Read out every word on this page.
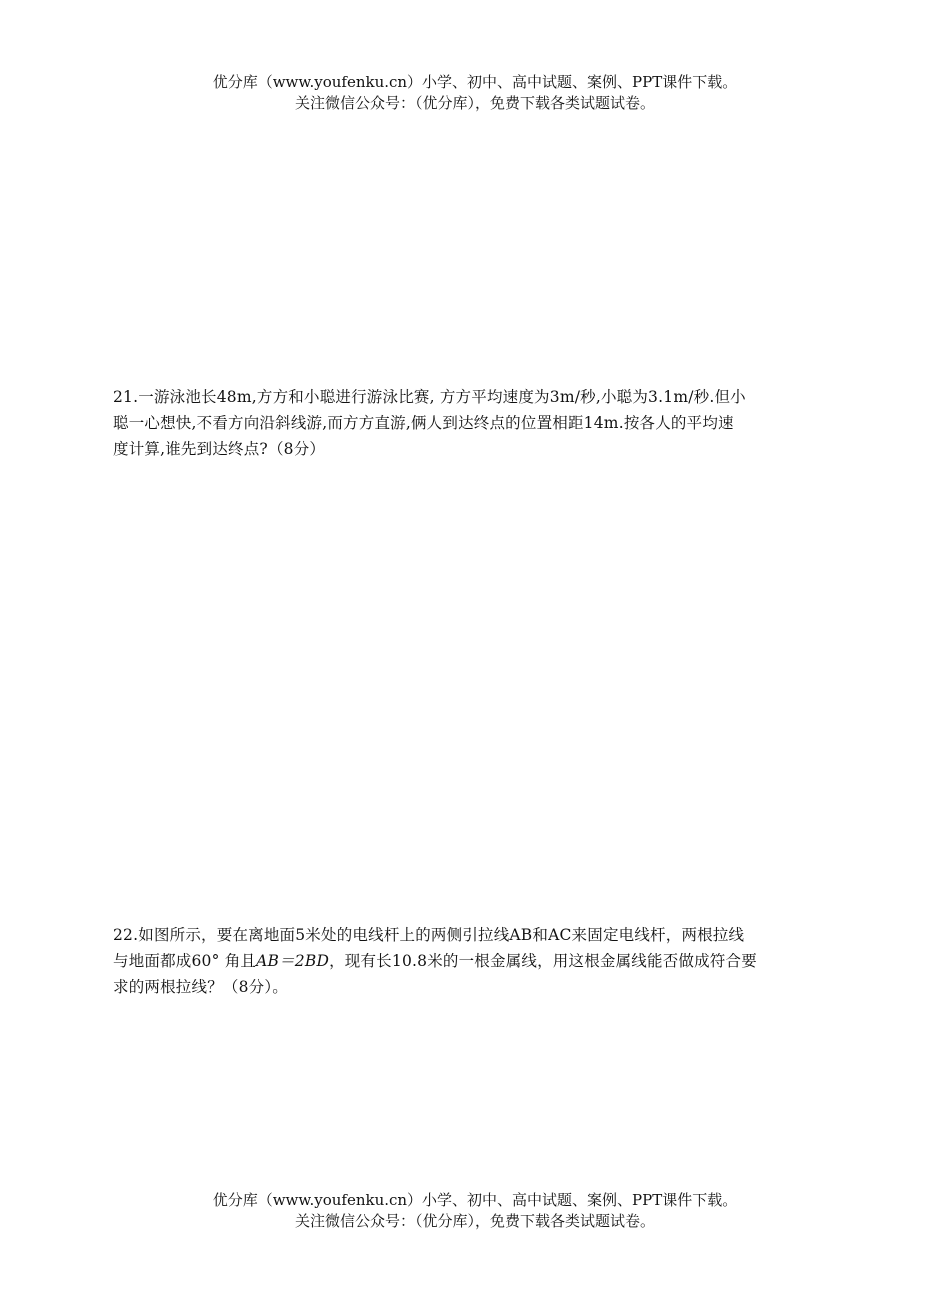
优分库（www.youfenku.cn）小学、初中、高中试题、案例、PPT课件下载。
关注微信公众号：（优分库），免费下载各类试题试卷。
21.一游泳池长48m,方方和小聪进行游泳比赛, 方方平均速度为3m/秒,小聪为3.1m/秒.但小
聪一心想快,不看方向沿斜线游,而方方直游,俩人到达终点的位置相距14m.按各人的平均速
度计算,谁先到达终点?（8分）
22.如图所示，要在离地面5米处的电线杆上的两侧引拉线AB和AC来固定电线杆，两根拉线
与地面都成60° 角且AB＝2BD，现有长10.8米的一根金属线，用这根金属线能否做成符合要
求的两根拉线？（8分）。
优分库（www.youfenku.cn）小学、初中、高中试题、案例、PPT课件下载。
关注微信公众号：（优分库），免费下载各类试题试卷。
